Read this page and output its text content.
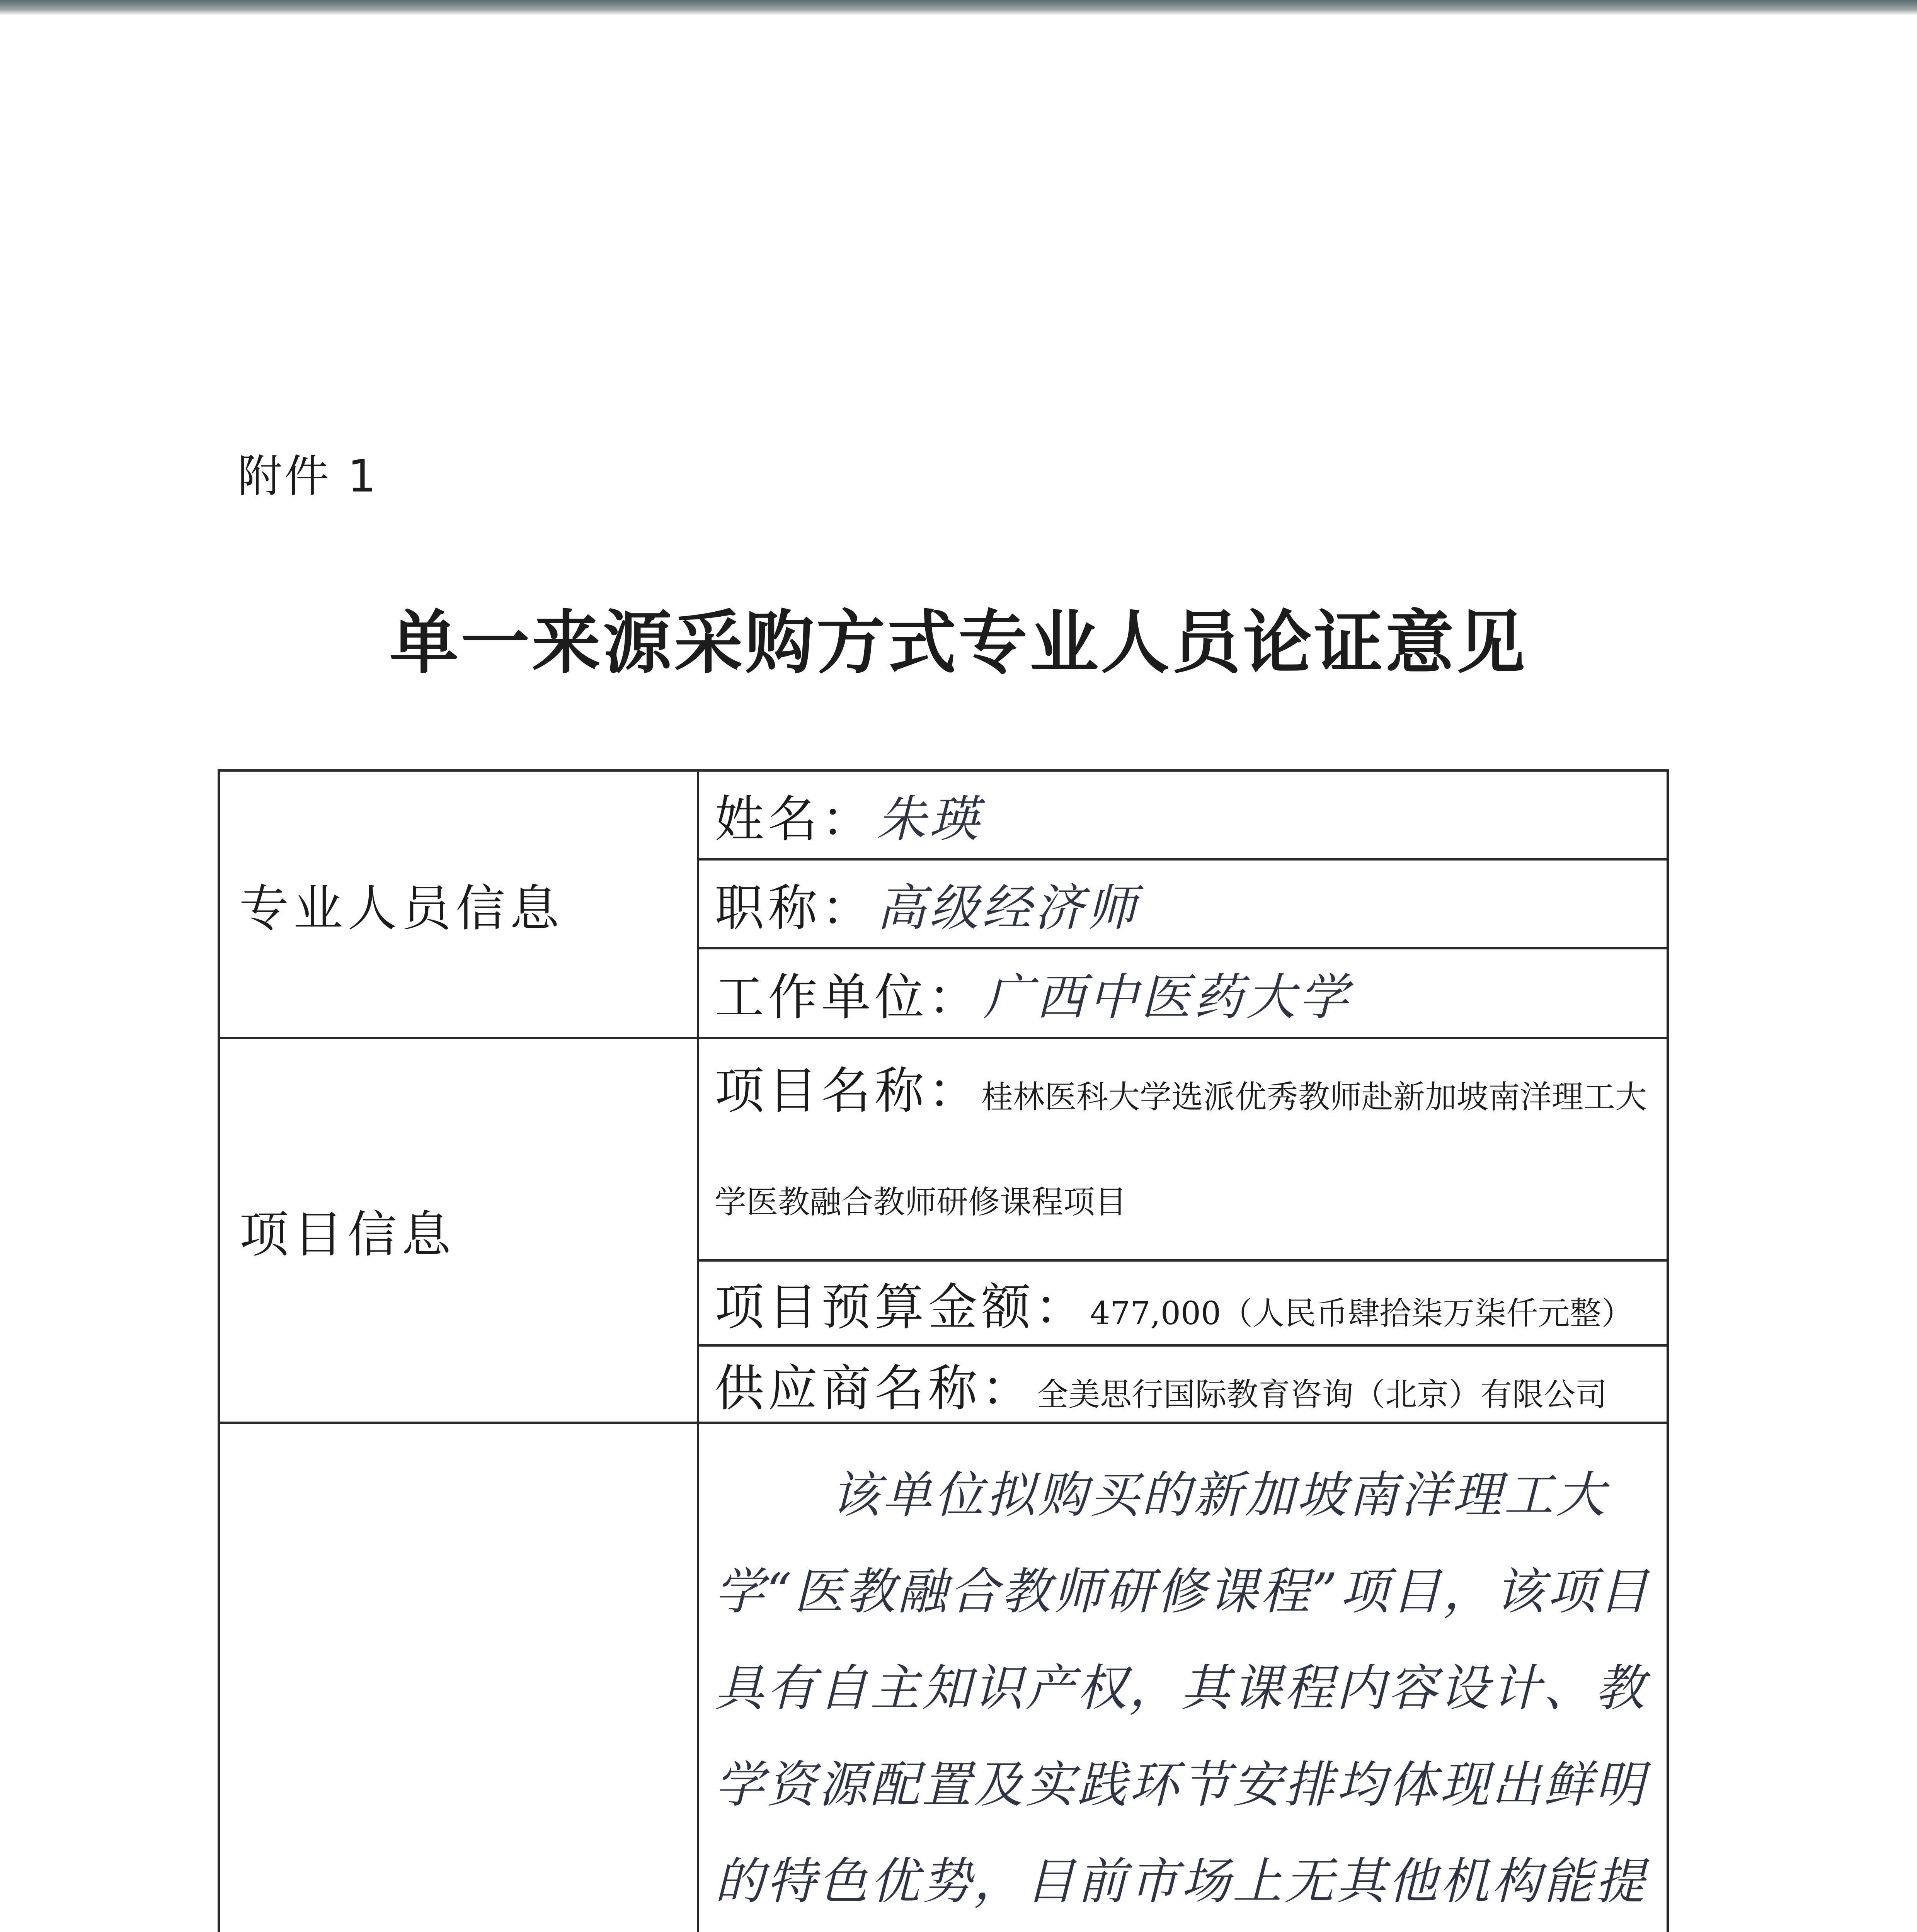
附件 1
单一来源采购方式专业人员论证意见
专业人员信息	姓名： 朱瑛	
	职称： 高级经济师	
	工作单位： 广西中医药大学	
项目信息	项目名称：桂林医科大学选派优秀教师赴新加坡南洋理工大学医教融合教师研修课程项目	
	项目预算金额： 477,000（人民币肆拾柒万柒仟元整）	
	供应商名称： 全美思行国际教育咨询（北京）有限公司	

该单位拟购买的新加坡南洋理工大学“医教融合教师研修课程”项目，该项目具有自主知识产权，其课程内容设计、教学资源配置及实践环节安排均体现出鲜明的特色优势，目前市场上无其他机构能提	
